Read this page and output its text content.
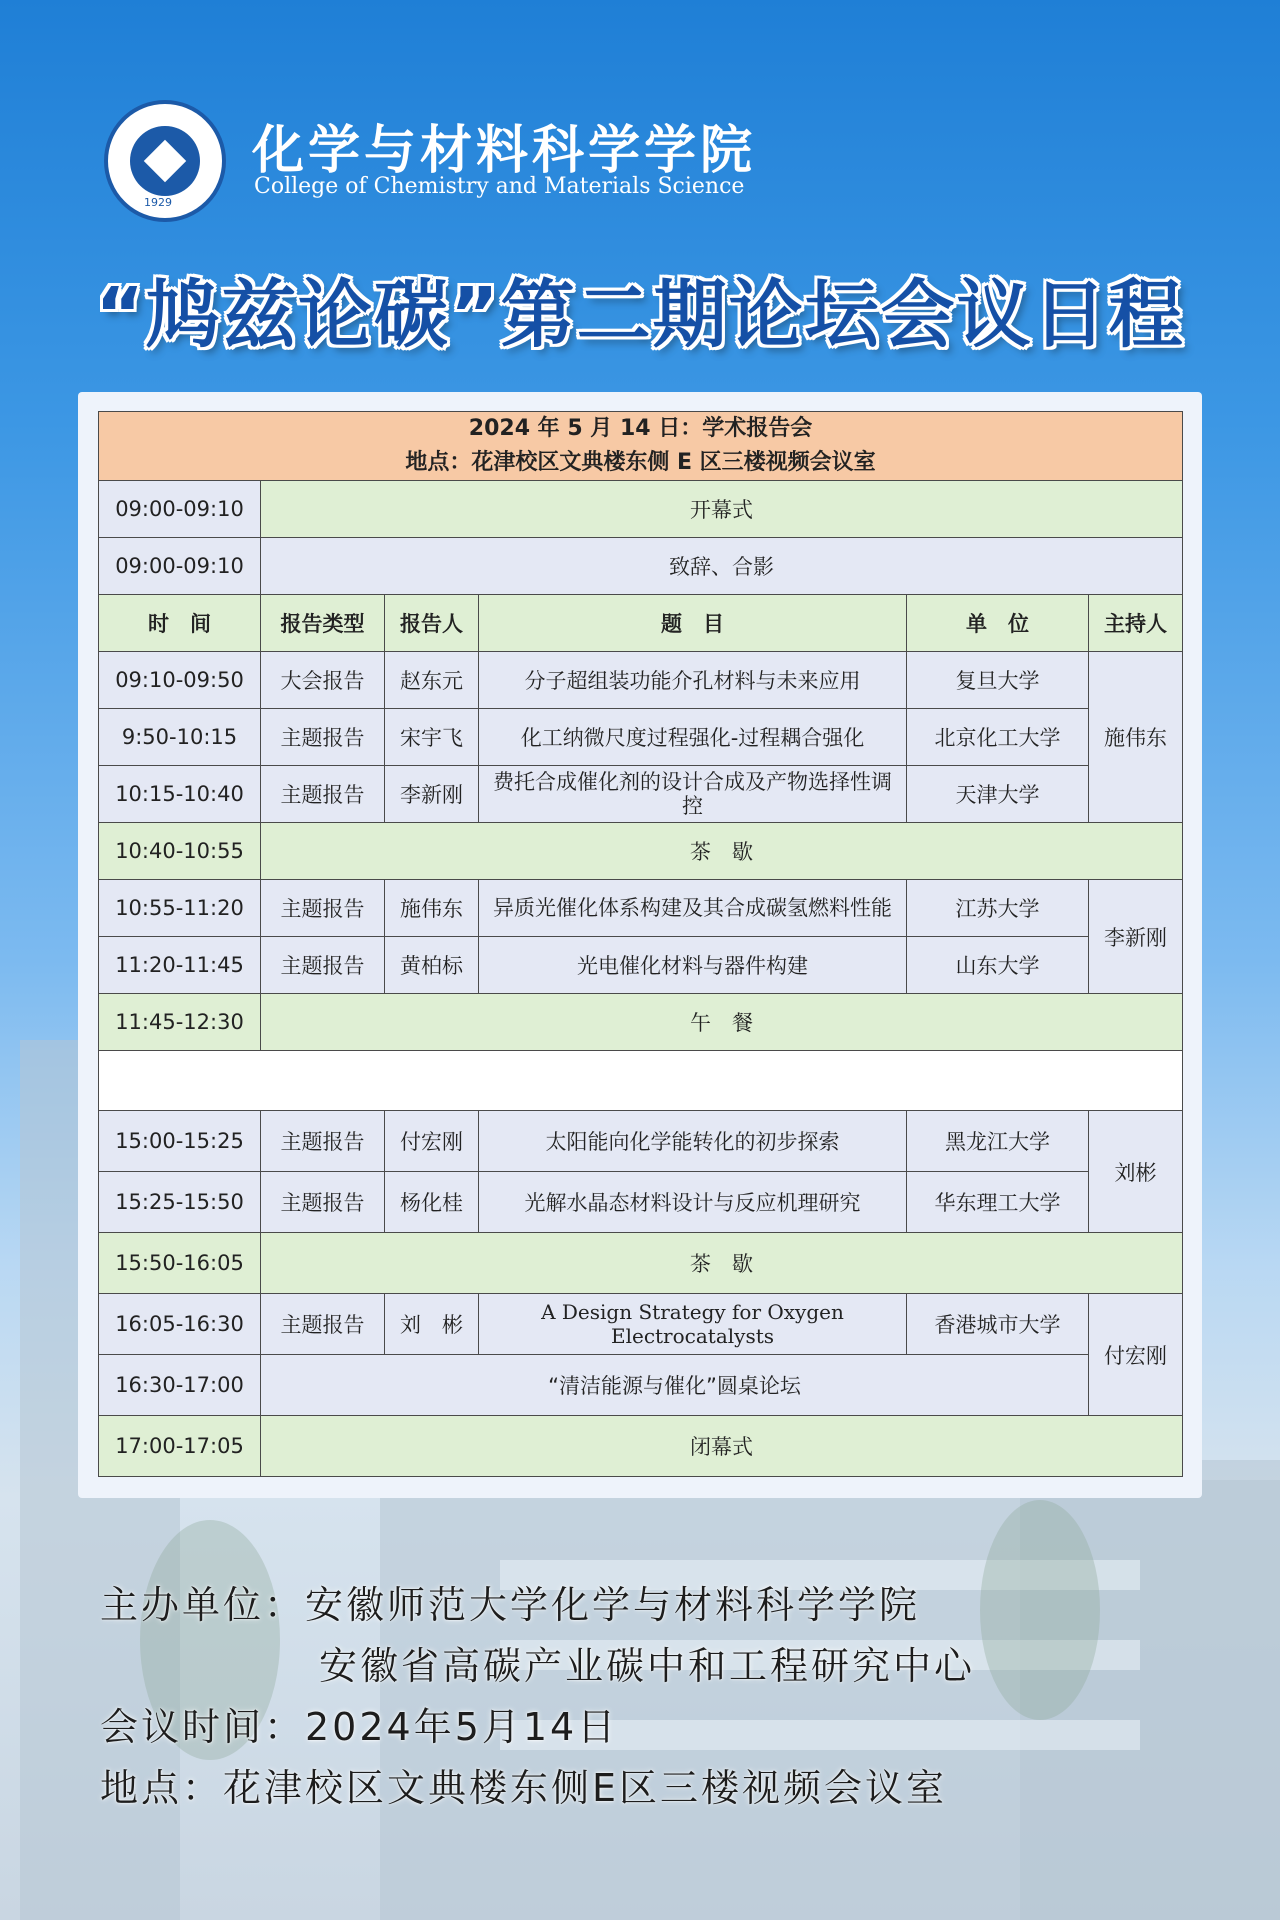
1929
化学与材料科学学院
College of Chemistry and Materials Science
“鸠兹论碳”第二期论坛会议日程
2024 年 5 月 14 日：学术报告会
地点：花津校区文典楼东侧 E 区三楼视频会议室					

09:00-09:10	开幕式				
09:00-09:10	致辞、合影				
时　间	报告类型	报告人	题　目	单　位	主持人
09:10-09:50	大会报告	赵东元	分子超组装功能介孔材料与未来应用	复旦大学	施伟东
9:50-10:15	主题报告	宋宇飞	化工纳微尺度过程强化-过程耦合强化	北京化工大学	
10:15-10:40	主题报告	李新刚	费托合成催化剂的设计合成及产物选择性调控	天津大学	
10:40-10:55	茶　歇				
10:55-11:20	主题报告	施伟东	异质光催化体系构建及其合成碳氢燃料性能	江苏大学	李新刚
11:20-11:45	主题报告	黄柏标	光电催化材料与器件构建	山东大学	
11:45-12:30	午　餐				

15:00-15:25	主题报告	付宏刚	太阳能向化学能转化的初步探索	黑龙江大学	刘彬
15:25-15:50	主题报告	杨化桂	光解水晶态材料设计与反应机理研究	华东理工大学	
15:50-16:05	茶　歇				
16:05-16:30	主题报告	刘　彬	A Design Strategy for Oxygen Electrocatalysts	香港城市大学	付宏刚
16:30-17:00	“清洁能源与催化”圆桌论坛				
17:00-17:05	闭幕式				
主办单位：安徽师范大学化学与材料科学学院
安徽省高碳产业碳中和工程研究中心
会议时间：2024年5月14日
地点：花津校区文典楼东侧E区三楼视频会议室
